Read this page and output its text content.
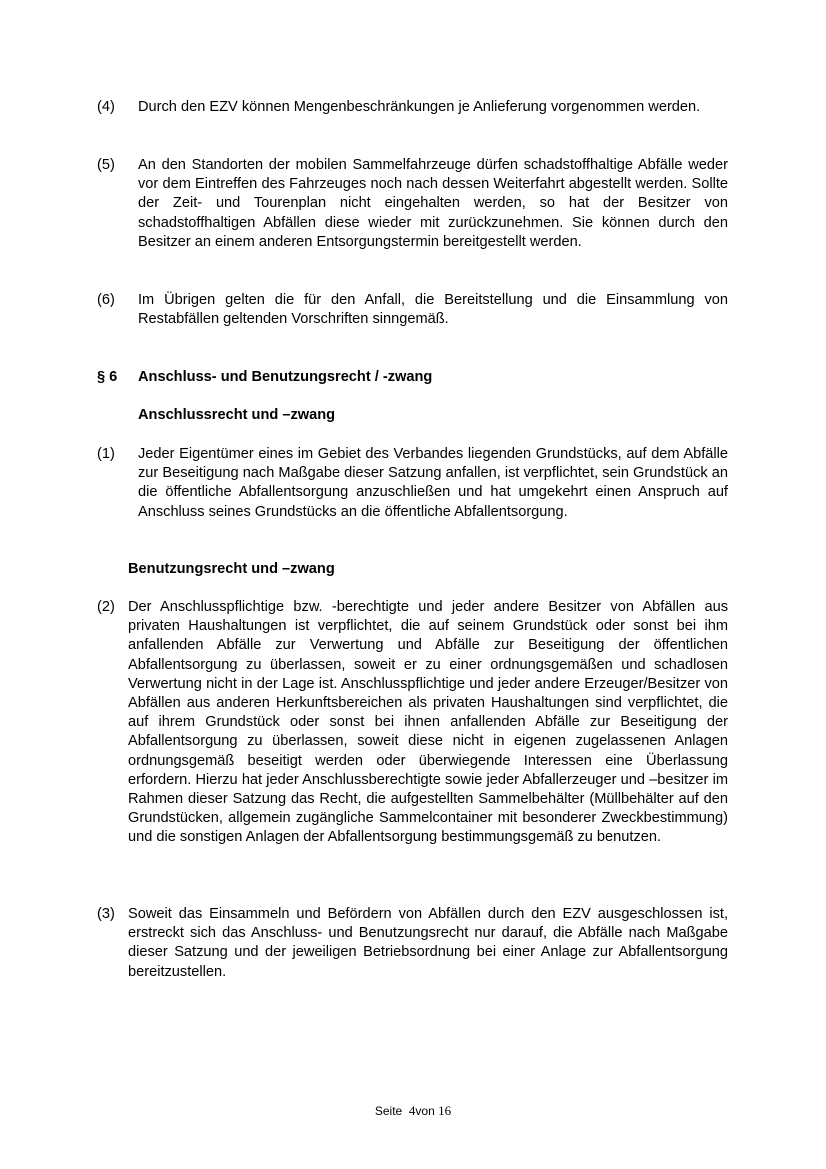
(4) Durch den EZV können Mengenbeschränkungen je Anlieferung vorgenommen werden.
(5) An den Standorten der mobilen Sammelfahrzeuge dürfen schadstoffhaltige Abfälle weder vor dem Eintreffen des Fahrzeuges noch nach dessen Weiterfahrt abgestellt werden. Sollte der Zeit- und Tourenplan nicht eingehalten werden, so hat der Besitzer von schadstoffhaltigen Abfällen diese wieder mit zurückzunehmen. Sie können durch den Besitzer an einem anderen Entsorgungstermin bereitgestellt werden.
(6) Im Übrigen gelten die für den Anfall, die Bereitstellung und die Einsammlung von Restabfällen geltenden Vorschriften sinngemäß.
§ 6 Anschluss- und Benutzungsrecht / -zwang
Anschlussrecht und –zwang
(1) Jeder Eigentümer eines im Gebiet des Verbandes liegenden Grundstücks, auf dem Abfälle zur Beseitigung nach Maßgabe dieser Satzung anfallen, ist verpflichtet, sein Grundstück an die öffentliche Abfallentsorgung anzuschließen und hat umgekehrt einen Anspruch auf Anschluss seines Grundstücks an die öffentliche Abfallentsorgung.
Benutzungsrecht und –zwang
(2) Der Anschlusspflichtige bzw. -berechtigte und jeder andere Besitzer von Abfällen aus privaten Haushaltungen ist verpflichtet, die auf seinem Grundstück oder sonst bei ihm anfallenden Abfälle zur Verwertung und Abfälle zur Beseitigung der öffentlichen Abfallentsorgung zu überlassen, soweit er zu einer ordnungsgemäßen und schadlosen Verwertung nicht in der Lage ist. Anschlusspflichtige und jeder andere Erzeuger/Besitzer von Abfällen aus anderen Herkunftsbereichen als privaten Haushaltungen sind verpflichtet, die auf ihrem Grundstück oder sonst bei ihnen anfallenden Abfälle zur Beseitigung der Abfallentsorgung zu überlassen, soweit diese nicht in eigenen zugelassenen Anlagen ordnungsgemäß beseitigt werden oder überwiegende Interessen eine Überlassung erfordern. Hierzu hat jeder Anschlussberechtigte sowie jeder Abfallerzeuger und –besitzer im Rahmen dieser Satzung das Recht, die aufgestellten Sammelbehälter (Müllbehälter auf den Grundstücken, allgemein zugängliche Sammelcontainer mit besonderer Zweckbestimmung) und die sonstigen Anlagen der Abfallentsorgung bestimmungsgemäß zu benutzen.
(3) Soweit das Einsammeln und Befördern von Abfällen durch den EZV ausgeschlossen ist, erstreckt sich das Anschluss- und Benutzungsrecht nur darauf, die Abfälle nach Maßgabe dieser Satzung und der jeweiligen Betriebsordnung bei einer Anlage zur Abfallentsorgung bereitzustellen.
Seite 4von 16
